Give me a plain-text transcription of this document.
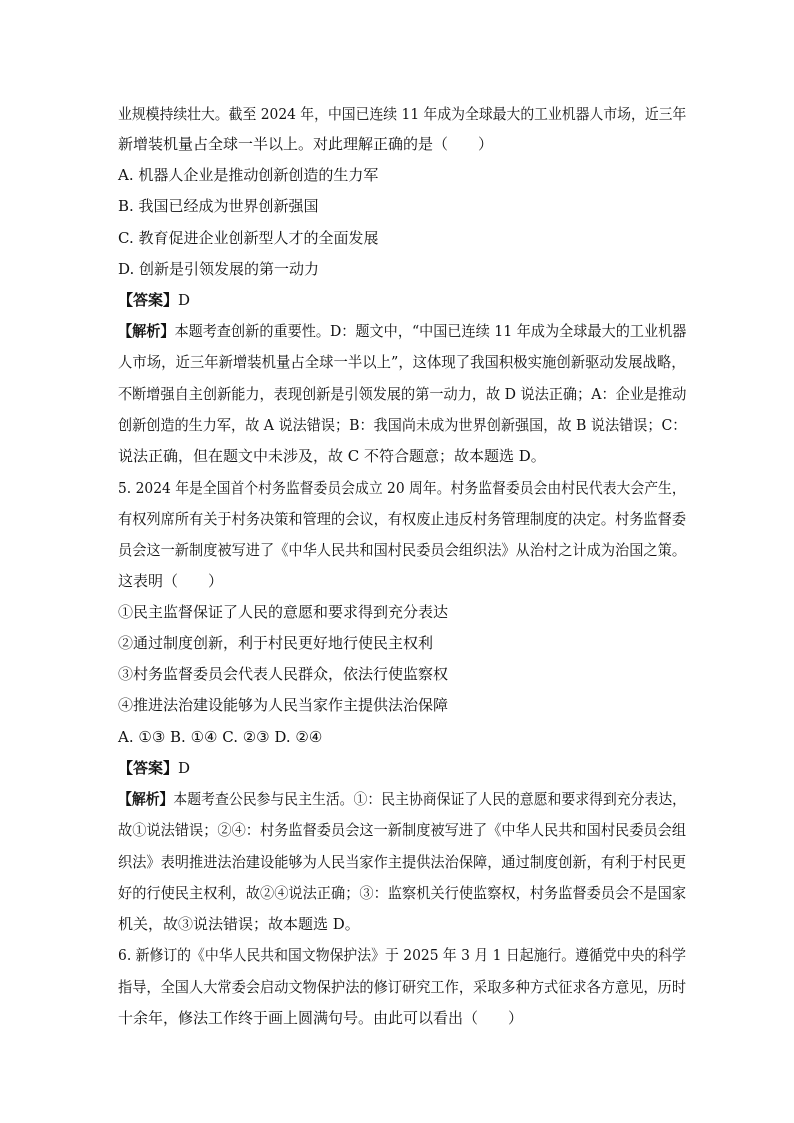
业规模持续壮大。截至 2024 年，中国已连续 11 年成为全球最大的工业机器人市场，近三年
新增装机量占全球一半以上。对此理解正确的是（　　）
A. 机器人企业是推动创新创造的生力军
B. 我国已经成为世界创新强国
C. 教育促进企业创新型人才的全面发展
D. 创新是引领发展的第一动力
【答案】D
【解析】本题考查创新的重要性。D：题文中，“中国已连续 11 年成为全球最大的工业机器
人市场，近三年新增装机量占全球一半以上”，这体现了我国积极实施创新驱动发展战略，
不断增强自主创新能力，表现创新是引领发展的第一动力，故 D 说法正确；A：企业是推动
创新创造的生力军，故 A 说法错误；B：我国尚未成为世界创新强国，故 B 说法错误；C：
说法正确，但在题文中未涉及，故 C 不符合题意；故本题选 D。
5. 2024 年是全国首个村务监督委员会成立 20 周年。村务监督委员会由村民代表大会产生，
有权列席所有关于村务决策和管理的会议，有权废止违反村务管理制度的决定。村务监督委
员会这一新制度被写进了《中华人民共和国村民委员会组织法》从治村之计成为治国之策。
这表明（　　）
①民主监督保证了人民的意愿和要求得到充分表达
②通过制度创新，利于村民更好地行使民主权利
③村务监督委员会代表人民群众，依法行使监察权
④推进法治建设能够为人民当家作主提供法治保障
A. ①③ B. ①④ C. ②③ D. ②④
【答案】D
【解析】本题考查公民参与民主生活。①：民主协商保证了人民的意愿和要求得到充分表达，
故①说法错误；②④：村务监督委员会这一新制度被写进了《中华人民共和国村民委员会组
织法》表明推进法治建设能够为人民当家作主提供法治保障，通过制度创新，有利于村民更
好的行使民主权利，故②④说法正确；③：监察机关行使监察权，村务监督委员会不是国家
机关，故③说法错误；故本题选 D。
6. 新修订的《中华人民共和国文物保护法》于 2025 年 3 月 1 日起施行。遵循党中央的科学
指导，全国人大常委会启动文物保护法的修订研究工作，采取多种方式征求各方意见，历时
十余年，修法工作终于画上圆满句号。由此可以看出（　　）
